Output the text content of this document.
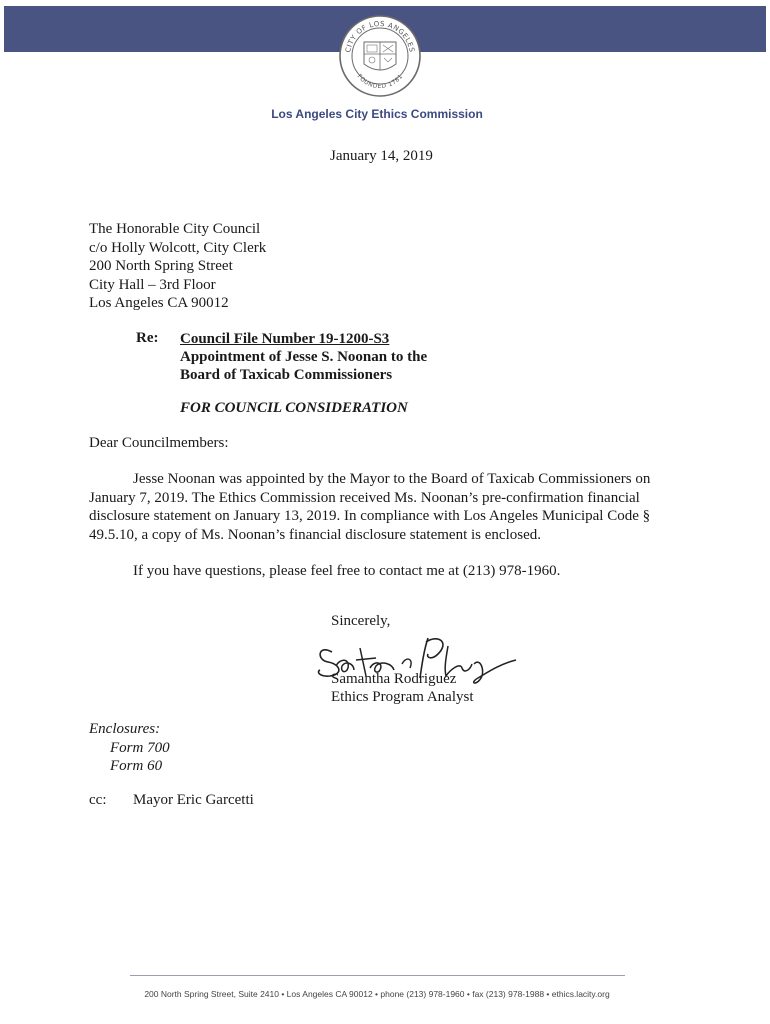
CITY OF LOS ANGELES
FOUNDED 1781
Los Angeles City Ethics Commission
January 14, 2019
The Honorable City Council
c/o Holly Wolcott, City Clerk
200 North Spring Street
City Hall – 3rd Floor
Los Angeles CA 90012
Re: Council File Number 19-1200-S3
Appointment of Jesse S. Noonan to the
Board of Taxicab Commissioners
FOR COUNCIL CONSIDERATION
Dear Councilmembers:
Jesse Noonan was appointed by the Mayor to the Board of Taxicab Commissioners on January 7, 2019. The Ethics Commission received Ms. Noonan’s pre-confirmation financial disclosure statement on January 13, 2019. In compliance with Los Angeles Municipal Code § 49.5.10, a copy of Ms. Noonan’s financial disclosure statement is enclosed.
If you have questions, please feel free to contact me at (213) 978-1960.
Sincerely,
Samantha Rodriguez
Ethics Program Analyst
Enclosures:
Form 700
Form 60
cc: Mayor Eric Garcetti
200 North Spring Street, Suite 2410 • Los Angeles CA 90012 • phone (213) 978-1960 • fax (213) 978-1988 • ethics.lacity.org
